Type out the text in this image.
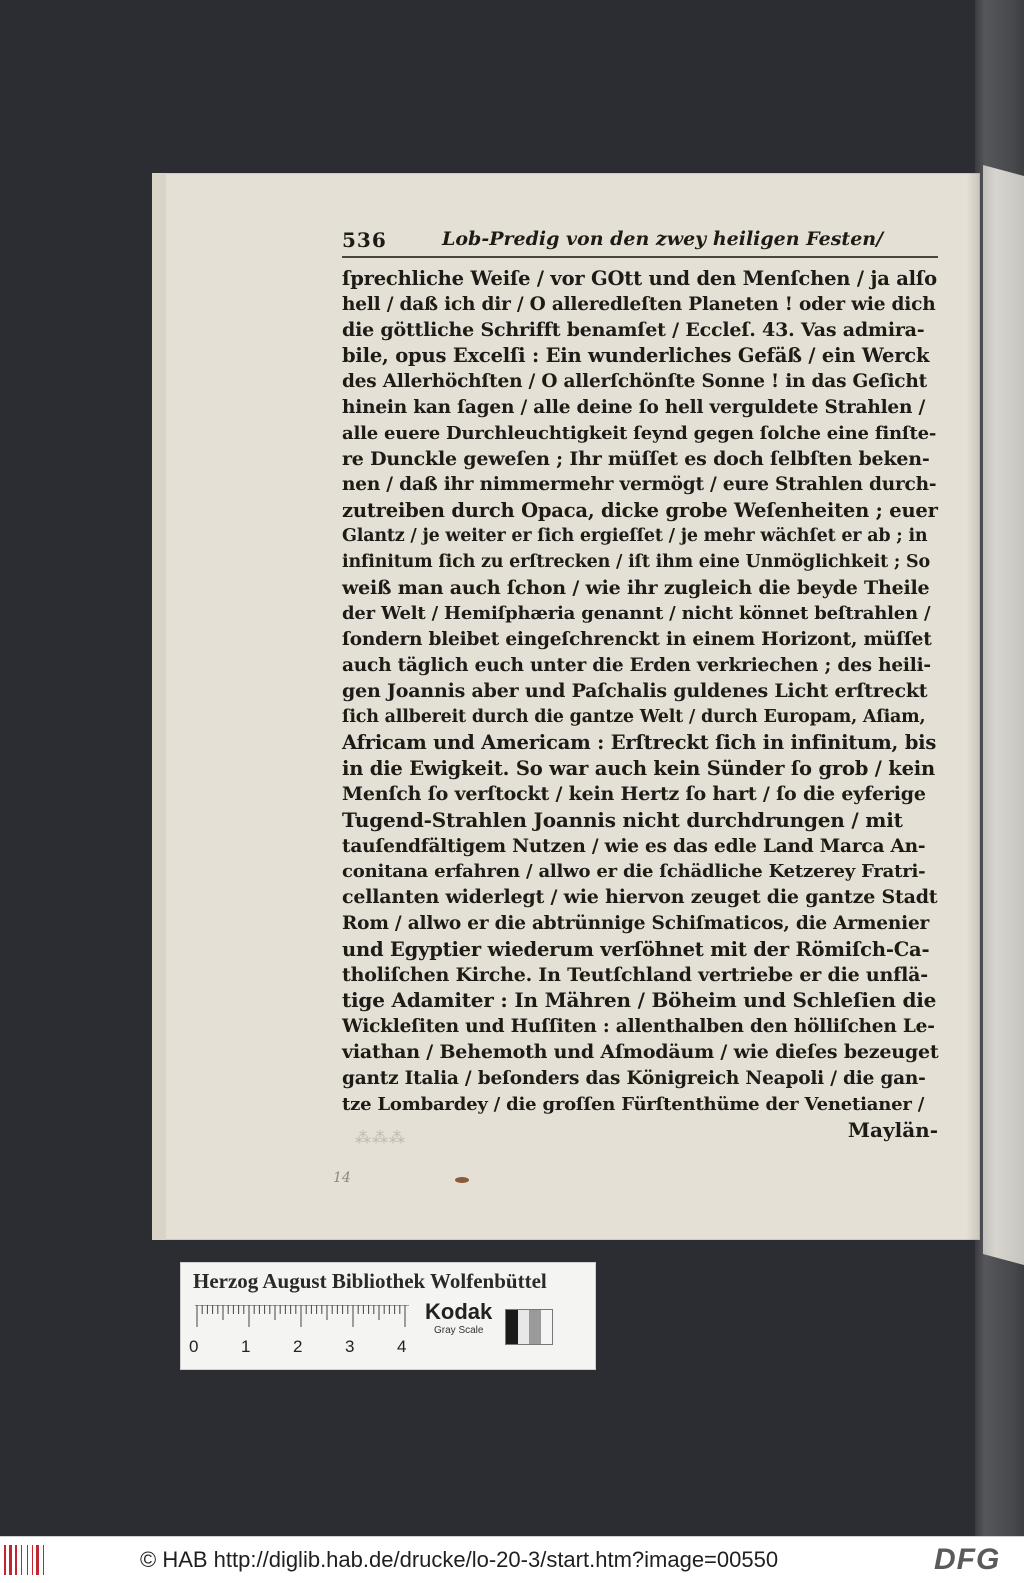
536	Lob-Predig von den zwey heiligen Festen/
ſprechliche Weiſe / vor GOtt und den Menſchen / ja alſo
hell / daß ich dir / O alleredleſten Planeten ! oder wie dich
die göttliche Schrifft benamſet / Eccleſ. 43. Vas admira-
bile, opus Excelſi : Ein wunderliches Gefäß / ein Werck
des Allerhöchſten / O allerſchönſte Sonne ! in das Geſicht
hinein kan ſagen / alle deine ſo hell verguldete Strahlen /
alle euere Durchleuchtigkeit ſeynd gegen ſolche eine finſte-
re Dunckle geweſen ; Ihr müſſet es doch ſelbſten beken-
nen / daß ihr nimmermehr vermögt / eure Strahlen durch-
zutreiben durch Opaca, dicke grobe Weſenheiten ; euer
Glantz / je weiter er ſich ergieſſet / je mehr wächſet er ab ; in
infinitum ſich zu erſtrecken / iſt ihm eine Unmöglichkeit ; So
weiß man auch ſchon / wie ihr zugleich die beyde Theile
der Welt / Hemiſphæria genannt / nicht könnet beſtrahlen /
ſondern bleibet eingeſchrenckt in einem Horizont, müſſet
auch täglich euch unter die Erden verkriechen ; des heili-
gen Joannis aber und Paſchalis guldenes Licht erſtreckt
ſich allbereit durch die gantze Welt / durch Europam, Aſiam,
Africam und Americam : Erſtreckt ſich in infinitum, bis
in die Ewigkeit. So war auch kein Sünder ſo grob / kein
Menſch ſo verſtockt / kein Hertz ſo hart / ſo die eyferige
Tugend-Strahlen Joannis nicht durchdrungen / mit
tauſendfältigem Nutzen / wie es das edle Land Marca An-
conitana erfahren / allwo er die ſchädliche Ketzerey Fratri-
cellanten widerlegt / wie hiervon zeuget die gantze Stadt
Rom / allwo er die abtrünnige Schiſmaticos, die Armenier
und Egyptier wiederum verſöhnet mit der Römiſch-Ca-
tholiſchen Kirche. In Teutſchland vertriebe er die unflä-
tige Adamiter : In Mähren / Böheim und Schleſien die
Wickleſiten und Huſſiten : allenthalben den hölliſchen Le-
viathan / Behemoth und Aſmodäum / wie dieſes bezeuget
gantz Italia / beſonders das Königreich Neapoli / die gan-
tze Lombardey / die groſſen Fürſtenthüme der Venetianer /
Maylän-
⁂⁂⁂
14
Herzog August Bibliothek Wolfenbüttel
0	1	2	3	4
Kodak
Gray Scale
© HAB http://diglib.hab.de/drucke/lo-20-3/start.htm?image=00550	DFG
